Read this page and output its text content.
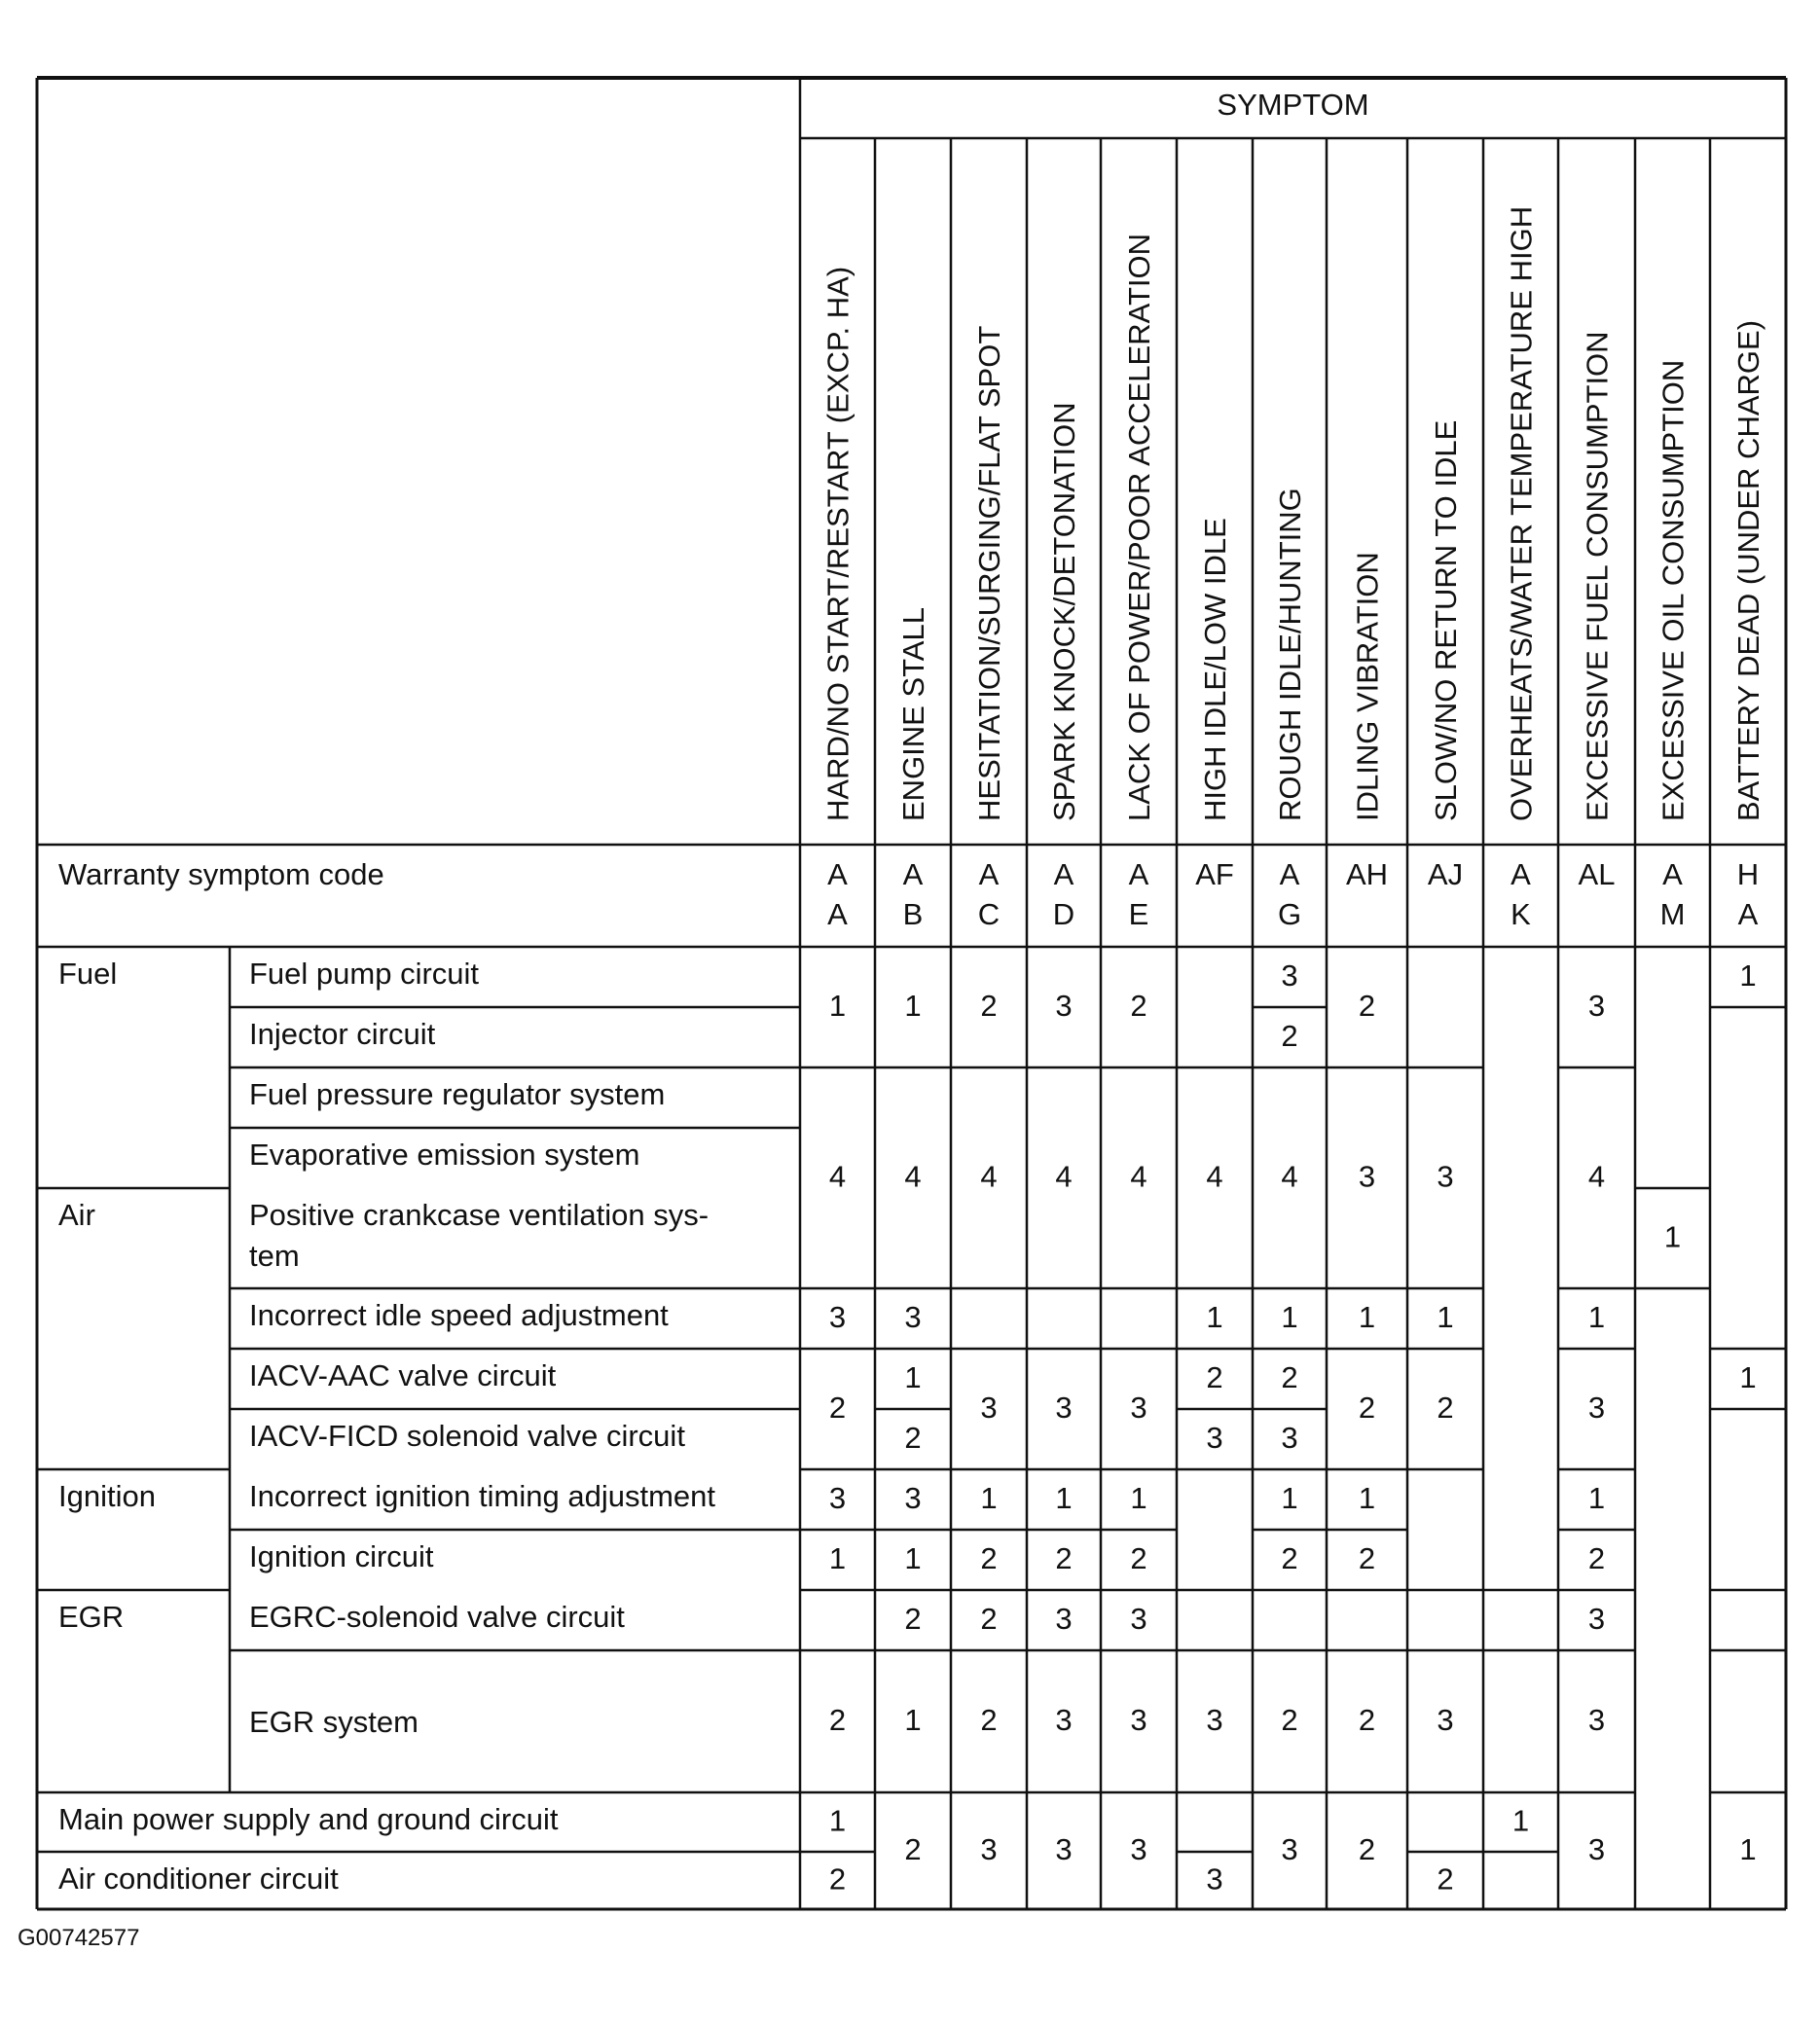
SYMPTOM
Warranty symptom code
HARD/NO START/RESTART (EXCP. HA)
A
A
ENGINE STALL
A
B
HESITATION/SURGING/FLAT SPOT
A
C
SPARK KNOCK/DETONATION
A
D
LACK OF POWER/POOR ACCELERATION
A
E
HIGH IDLE/LOW IDLE
AF
ROUGH IDLE/HUNTING
A
G
IDLING VIBRATION
AH
SLOW/NO RETURN TO IDLE
AJ
OVERHEATS/WATER TEMPERATURE HIGH
A
K
EXCESSIVE FUEL CONSUMPTION
AL
EXCESSIVE OIL CONSUMPTION
A
M
BATTERY DEAD (UNDER CHARGE)
H
A
Fuel
Air
Ignition
EGR
Fuel pump circuit
Injector circuit
Fuel pressure regulator system
Evaporative emission system
Positive crankcase ventilation sys-
tem
Incorrect idle speed adjustment
IACV-AAC valve circuit
IACV-FICD solenoid valve circuit
Incorrect ignition timing adjustment
Ignition circuit
EGRC-solenoid valve circuit
EGR system
Main power supply and ground circuit
Air conditioner circuit
1
4
3
2
3
1
2
1
2
1
4
3
1
2
3
1
2
1
2
2
4
3
1
2
2
2
3
3
4
3
1
2
3
3
3
2
4
3
1
2
3
3
3
4
1
2
3
3
3
3
2
4
1
2
3
1
2
2
3
2
3
1
2
1
2
2
2
3
1
2
3
2
1
3
4
1
3
1
2
3
3
3
1
1
1
1
G00742577
